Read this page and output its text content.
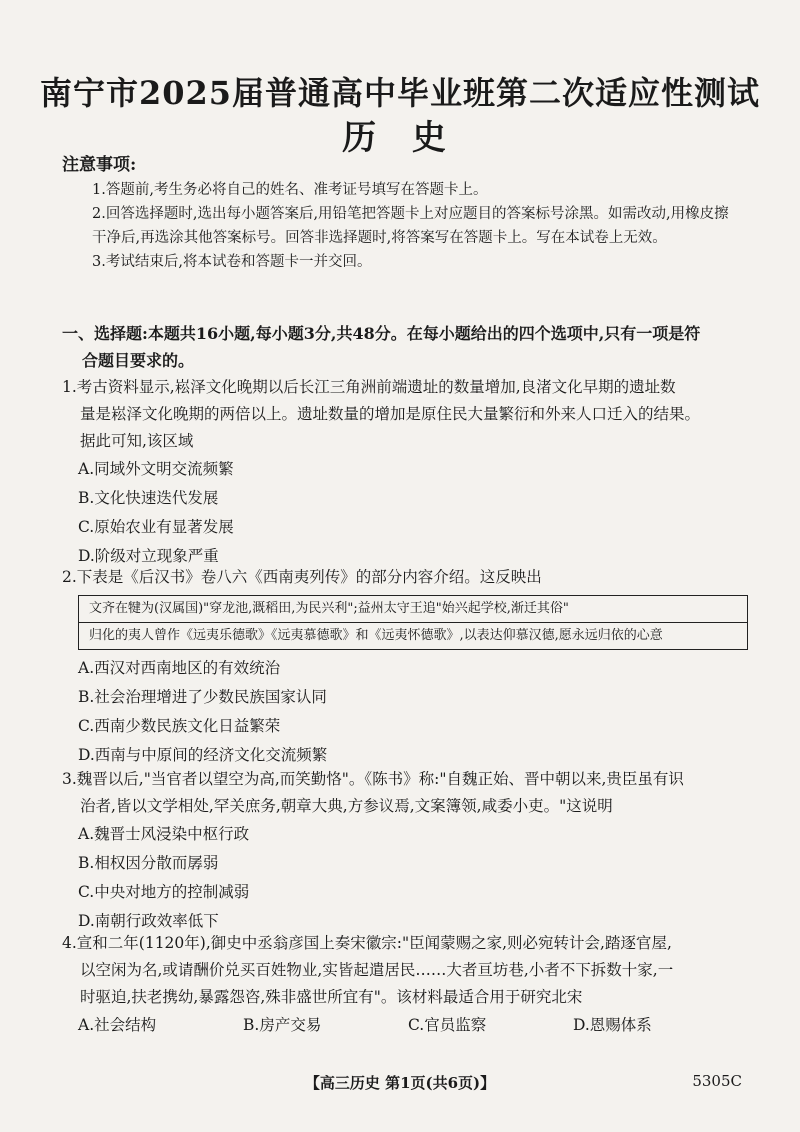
南宁市2025届普通高中毕业班第二次适应性测试
历 史
注意事项:

1.答题前,考生务必将自己的姓名、准考证号填写在答题卡上。

2.回答选择题时,选出每小题答案后,用铅笔把答题卡上对应题目的答案标号涂黑。如需改动,用橡皮擦干净后,再选涂其他答案标号。回答非选择题时,将答案写在答题卡上。写在本试卷上无效。

3.考试结束后,将本试卷和答题卡一并交回。

一、选择题:本题共16小题,每小题3分,共48分。在每小题给出的四个选项中,只有一项是符
合题目要求的。
1.考古资料显示,崧泽文化晚期以后长江三角洲前端遗址的数量增加,良渚文化早期的遗址数
量是崧泽文化晚期的两倍以上。遗址数量的增加是原住民大量繁衍和外来人口迁入的结果。
据此可知,该区域
A.同域外文明交流频繁
B.文化快速迭代发展
C.原始农业有显著发展
D.阶级对立现象严重
2.下表是《后汉书》卷八六《西南夷列传》的部分内容介绍。这反映出
文齐在犍为(汉属国)"穿龙池,溉稻田,为民兴利";益州太守王追"始兴起学校,渐迁其俗"
归化的夷人曾作《远夷乐德歌》《远夷慕德歌》和《远夷怀德歌》,以表达仰慕汉德,愿永远归依的心意
A.西汉对西南地区的有效统治
B.社会治理增进了少数民族国家认同
C.西南少数民族文化日益繁荣
D.西南与中原间的经济文化交流频繁
3.魏晋以后,"当官者以望空为高,而笑勤恪"。《陈书》称:"自魏正始、晋中朝以来,贵臣虽有识
治者,皆以文学相处,罕关庶务,朝章大典,方参议焉,文案簿领,咸委小吏。"这说明
A.魏晋士风浸染中枢行政
B.相权因分散而孱弱
C.中央对地方的控制减弱
D.南朝行政效率低下
4.宣和二年(1120年),御史中丞翁彦国上奏宋徽宗:"臣闻蒙赐之家,则必宛转计会,踏逐官屋,
以空闲为名,或请酬价兑买百姓物业,实皆起遣居民……大者亘坊巷,小者不下拆数十家,一
时驱迫,扶老携幼,暴露怨咨,殊非盛世所宜有"。该材料最适合用于研究北宋
A.社会结构	B.房产交易	C.官员监察	D.恩赐体系
【高三历史 第1页(共6页)】	5305C
